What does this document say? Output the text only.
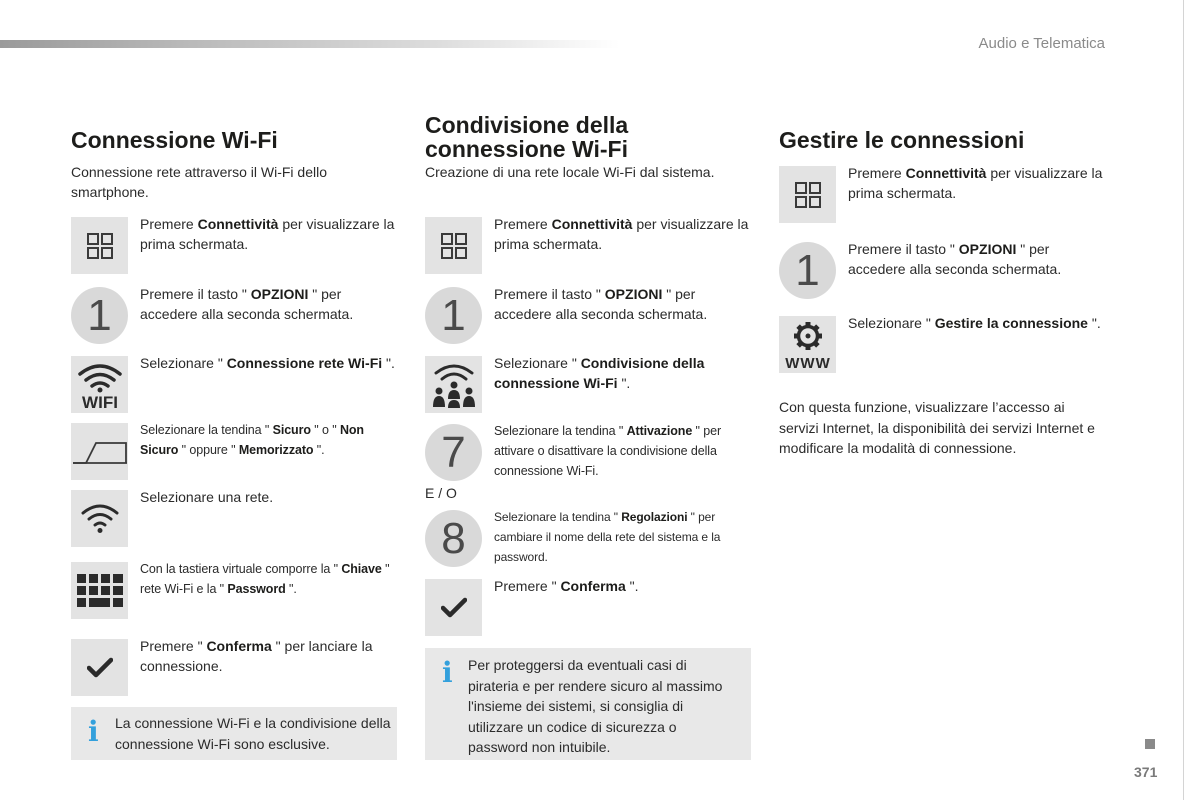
Audio e Telematica
371
Connessione Wi-Fi

Connessione rete attraverso il Wi-Fi dello smartphone.

Premere Connettività per visualizzare la prima schermata.
1	Premere il tasto " OPZIONI " per accedere alla seconda schermata.
WIFI
Selezionare " Connessione rete Wi-Fi ".
Selezionare la tendina " Sicuro " o " Non Sicuro " oppure " Memorizzato ".
Selezionare una rete.
Con la tastiera virtuale comporre la " Chiave " rete Wi-Fi e la " Password ".
Premere " Conferma " per lanciare la connessione.
i La connessione Wi-Fi e la condivisione della connessione Wi-Fi sono esclusive.
Condivisione della connessione Wi-Fi

Creazione di una rete locale Wi-Fi dal sistema.

Premere Connettività per visualizzare la prima schermata.
1	Premere il tasto " OPZIONI " per accedere alla seconda schermata.
Selezionare " Condivisione della connessione Wi-Fi ".
7	Selezionare la tendina " Attivazione " per attivare o disattivare la condivisione della connessione Wi-Fi.
E / O
8	Selezionare la tendina " Regolazioni " per cambiare il nome della rete del sistema e la password.
Premere " Conferma ".
i Per proteggersi da eventuali casi di pirateria e per rendere sicuro al massimo l'insieme dei sistemi, si consiglia di utilizzare un codice di sicurezza o password non intuibile.
Gestire le connessioni
Premere Connettività per visualizzare la prima schermata.
1	Premere il tasto " OPZIONI " per accedere alla seconda schermata.
WWW
Selezionare " Gestire la connessione ".

Con questa funzione, visualizzare l’accesso ai servizi Internet, la disponibilità dei servizi Internet e modificare la modalità di connessione.
